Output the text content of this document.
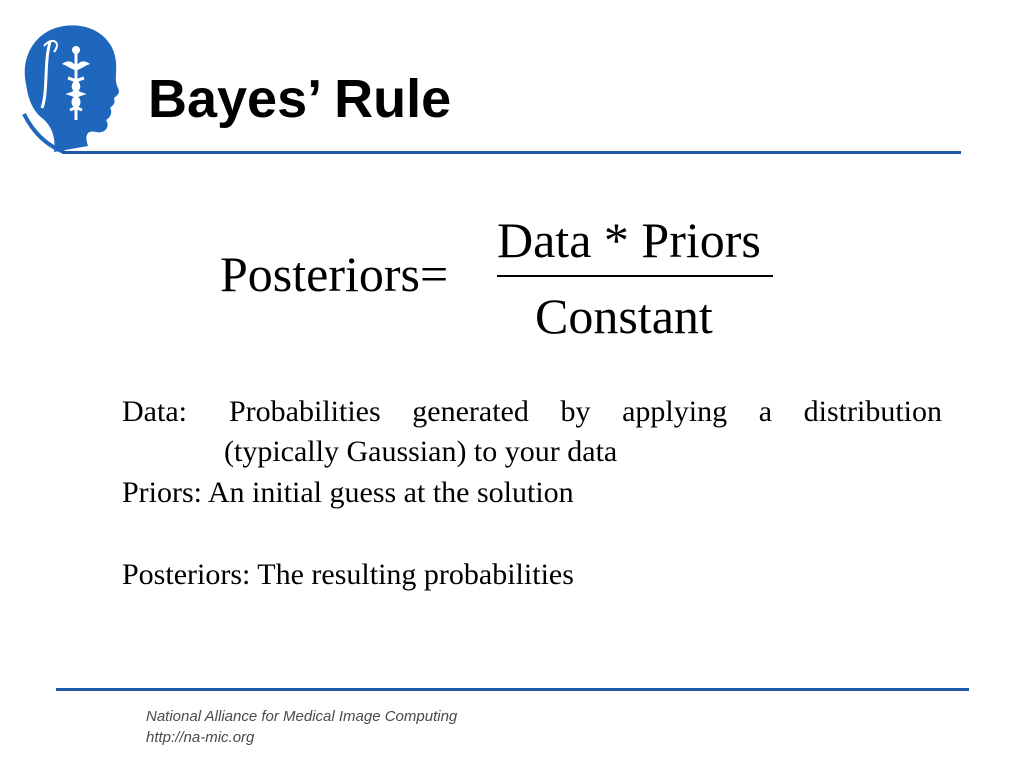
Bayes’ Rule
Posteriors=
Data * Priors
Constant
Data:	Probabilities generated by applying a distribution
(typically Gaussian) to your data
Priors: An initial guess at the solution
Posteriors: The resulting probabilities
National Alliance for Medical Image Computing
http://na-mic.org
